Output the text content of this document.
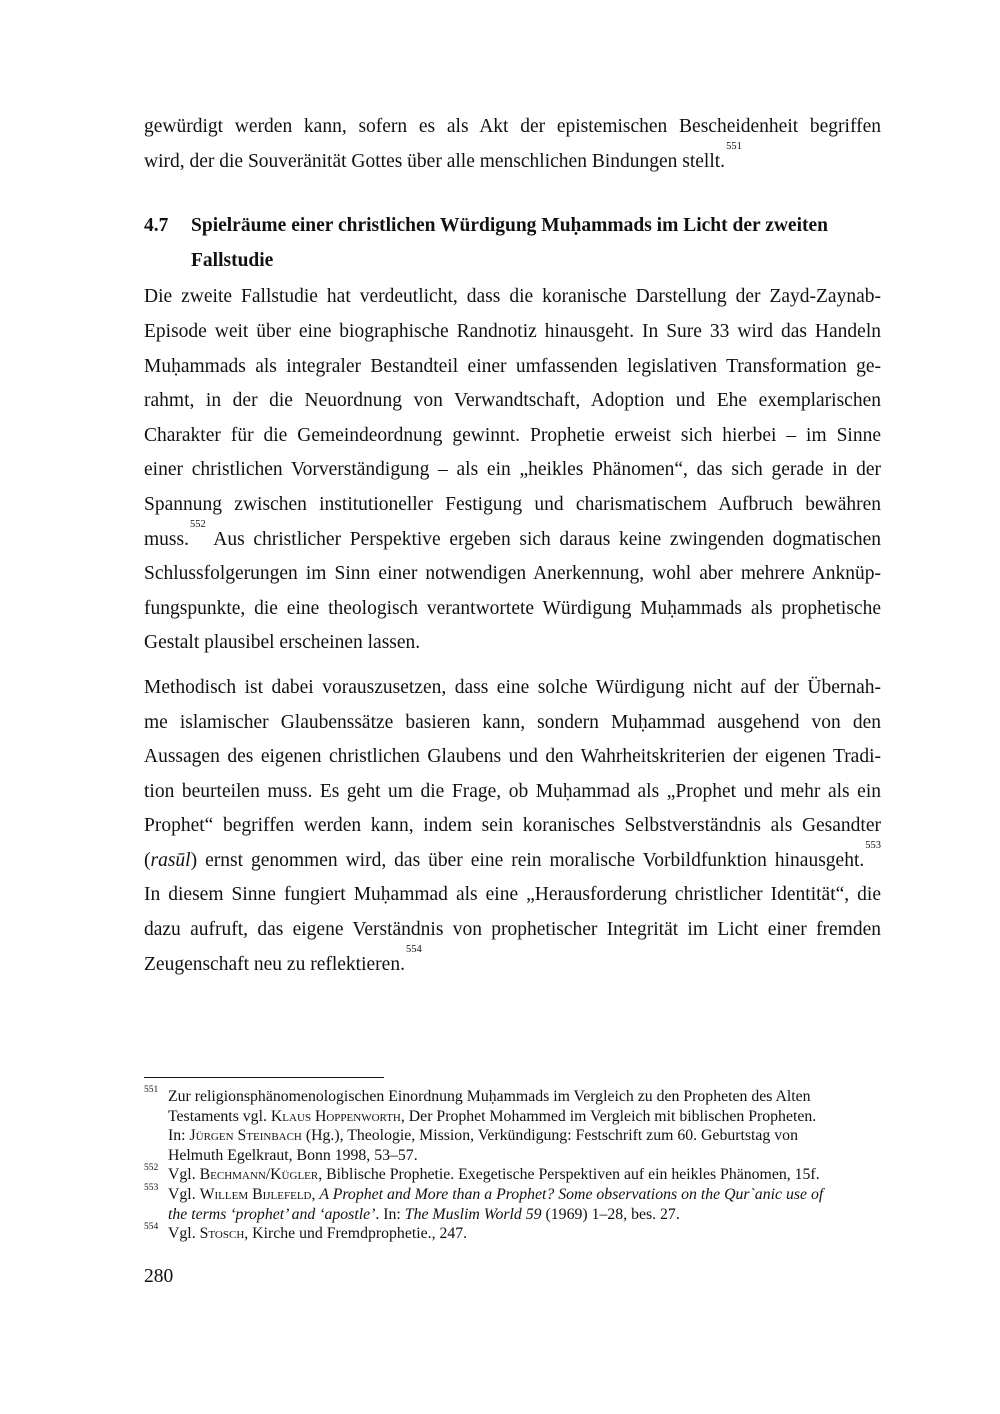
gewürdigt werden kann, sofern es als Akt der epistemischen Bescheidenheit begriffen
wird, der die Souveränität Gottes über alle menschlichen Bindungen stellt.$^{551}$
4.7 Spielräume einer christlichen Würdigung Muḥammads im Licht der zweiten
Fallstudie
Die zweite Fallstudie hat verdeutlicht, dass die koranische Darstellung der Zayd-Zaynab-
Episode weit über eine biographische Randnotiz hinausgeht. In Sure 33 wird das Handeln
Muḥammads als integraler Bestandteil einer umfassenden legislativen Transformation ge-
rahmt, in der die Neuordnung von Verwandtschaft, Adoption und Ehe exemplarischen
Charakter für die Gemeindeordnung gewinnt. Prophetie erweist sich hierbei – im Sinne
einer christlichen Vorverständigung – als ein „heikles Phänomen“, das sich gerade in der
Spannung zwischen institutioneller Festigung und charismatischem Aufbruch bewähren
muss.$^{552}$ Aus christlicher Perspektive ergeben sich daraus keine zwingenden dogmatischen
Schlussfolgerungen im Sinn einer notwendigen Anerkennung, wohl aber mehrere Anknüp-
fungspunkte, die eine theologisch verantwortete Würdigung Muḥammads als prophetische
Gestalt plausibel erscheinen lassen.
Methodisch ist dabei vorauszusetzen, dass eine solche Würdigung nicht auf der Übernah-
me islamischer Glaubenssätze basieren kann, sondern Muḥammad ausgehend von den
Aussagen des eigenen christlichen Glaubens und den Wahrheitskriterien der eigenen Tradi-
tion beurteilen muss. Es geht um die Frage, ob Muḥammad als „Prophet und mehr als ein
Prophet“ begriffen werden kann, indem sein koranisches Selbstverständnis als Gesandter
(rasūl) ernst genommen wird, das über eine rein moralische Vorbildfunktion hinausgeht.$^{553}$
In diesem Sinne fungiert Muḥammad als eine „Herausforderung christlicher Identität“, die
dazu aufruft, das eigene Verständnis von prophetischer Integrität im Licht einer fremden
Zeugenschaft neu zu reflektieren.$^{554}$
551 Zur religionsphänomenologischen Einordnung Muḥammads im Vergleich zu den Propheten des Alten
Testaments vgl. Klaus Hoppenworth, Der Prophet Mohammed im Vergleich mit biblischen Propheten.
In: Jürgen Steinbach (Hg.), Theologie, Mission, Verkündigung: Festschrift zum 60. Geburtstag von
Helmuth Egelkraut, Bonn 1998, 53–57.
552 Vgl. Bechmann/Kügler, Biblische Prophetie. Exegetische Perspektiven auf ein heikles Phänomen, 15f.
553 Vgl. Willem Bijlefeld, A Prophet and More than a Prophet? Some observations on the Qur`anic use of
the terms ‘prophet’ and ‘apostle’. In: The Muslim World 59 (1969) 1–28, bes. 27.
554 Vgl. Stosch, Kirche und Fremdprophetie., 247.
280
